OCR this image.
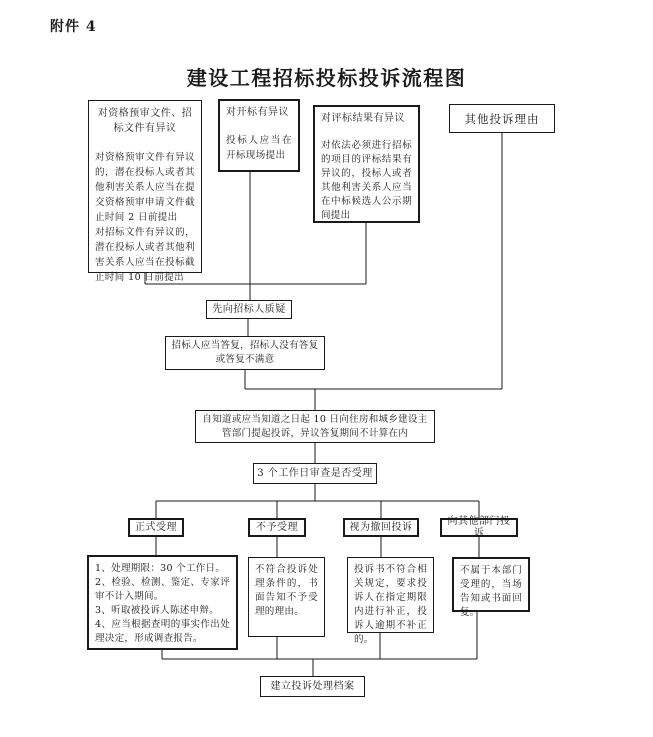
附件 4
建设工程招标投标投诉流程图
对资格预审文件、招标文件有异议
对资格预审文件有异议的，潜在投标人或者其他利害关系人应当在提交资格预审申请文件截止时间 2 日前提出
对招标文件有异议的，潜在投标人或者其他利害关系人应当在投标截止时间 10 日前提出
对开标有异议
投标人应当在开标现场提出
对评标结果有异议
对依法必须进行招标的项目的评标结果有异议的，投标人或者其他利害关系人应当在中标候选人公示期间提出
其他投诉理由
先向招标人质疑
招标人应当答复，招标人没有答复或答复不满意
自知道或应当知道之日起 10 日向住房和城乡建设主管部门提起投诉，异议答复期间不计算在内
3 个工作日审查是否受理
正式受理	不予受理	视为撤回投诉
向其他部门投诉
1、处理期限：30 个工作日。
2、检验、检测、鉴定、专家评审不计入期间。
3、听取被投诉人陈述申辩。
4、应当根据查明的事实作出处理决定，形成调查报告。
不符合投诉处理条件的，书面告知不予受理的理由。
投诉书不符合相关规定，要求投诉人在指定期限内进行补正，投诉人逾期不补正的。
不属于本部门受理的，当场告知或书面回复。
建立投诉处理档案
